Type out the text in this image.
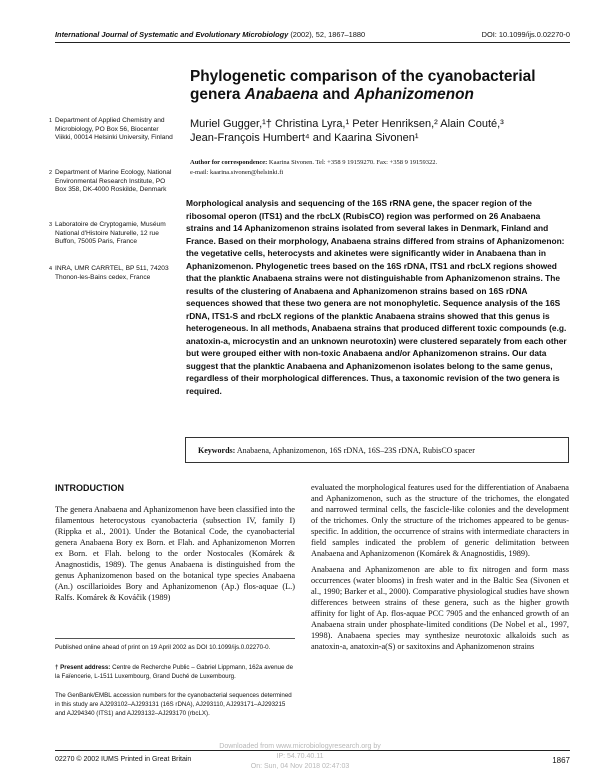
International Journal of Systematic and Evolutionary Microbiology (2002), 52, 1867–1880	DOI: 10.1099/ijs.0.02270-0
Phylogenetic comparison of the cyanobacterial
genera Anabaena and Aphanizomenon
Muriel Gugger,¹† Christina Lyra,¹ Peter Henriksen,² Alain Couté,³
Jean-François Humbert⁴ and Kaarina Sivonen¹
Author for correspondence: Kaarina Sivonen. Tel: +358 9 19159270. Fax: +358 9 19159322.
e-mail: kaarina.sivonen@helsinki.fi
1 Department of Applied Chemistry and Microbiology, PO Box 56, Biocenter Viikki, 00014 Helsinki University, Finland
2 Department of Marine Ecology, National Environmental Research Institute, PO Box 358, DK-4000 Roskilde, Denmark
3 Laboratoire de Cryptogamie, Muséum National d'Histoire Naturelle, 12 rue Buffon, 75005 Paris, France
4 INRA, UMR CARRTEL, BP 511, 74203 Thonon-les-Bains cedex, France
Morphological analysis and sequencing of the 16S rRNA gene, the spacer region of the ribosomal operon (ITS1) and the rbcLX (RubisCO) region was performed on 26 Anabaena strains and 14 Aphanizomenon strains isolated from several lakes in Denmark, Finland and France. Based on their morphology, Anabaena strains differed from strains of Aphanizomenon: the vegetative cells, heterocysts and akinetes were significantly wider in Anabaena than in Aphanizomenon. Phylogenetic trees based on the 16S rDNA, ITS1 and rbcLX regions showed that the planktic Anabaena strains were not distinguishable from Aphanizomenon strains. The results of the clustering of Anabaena and Aphanizomenon strains based on 16S rDNA sequences showed that these two genera are not monophyletic. Sequence analysis of the 16S rDNA, ITS1-S and rbcLX regions of the planktic Anabaena strains showed that this genus is heterogeneous. In all methods, Anabaena strains that produced different toxic compounds (e.g. anatoxin-a, microcystin and an unknown neurotoxin) were clustered separately from each other but were grouped either with non-toxic Anabaena and/or Aphanizomenon strains. Our data suggest that the planktic Anabaena and Aphanizomenon isolates belong to the same genus, regardless of their morphological differences. Thus, a taxonomic revision of the two genera is required.
Keywords: Anabaena, Aphanizomenon, 16S rDNA, 16S–23S rDNA, RubisCO spacer
INTRODUCTION

The genera Anabaena and Aphanizomenon have been classified into the filamentous heterocystous cyanobacteria (subsection IV, family I) (Rippka et al., 2001). Under the Botanical Code, the cyanobacterial genera Anabaena Bory ex Born. et Flah. and Aphanizomenon Morren ex Born. et Flah. belong to the order Nostocales (Komárek & Anagnostidis, 1989). The genus Anabaena is distinguished from the genus Aphanizomenon based on the botanical type species Anabaena (An.) oscillarioides Bory and Aphanizomenon (Ap.) flos-aquae (L.) Ralfs. Komárek & Kováčik (1989)

evaluated the morphological features used for the differentiation of Anabaena and Aphanizomenon, such as the structure of the trichomes, the elongated and narrowed terminal cells, the fascicle-like colonies and the development of the trichomes. Only the structure of the trichomes appeared to be genus-specific. In addition, the occurrence of strains with intermediate characters in field samples indicated the problem of generic delimitation between Anabaena and Aphanizomenon (Komárek & Anagnostidis, 1989).

Anabaena and Aphanizomenon are able to fix nitrogen and form mass occurrences (water blooms) in fresh water and in the Baltic Sea (Sivonen et al., 1990; Barker et al., 2000). Comparative physiological studies have shown differences between strains of these genera, such as the higher growth affinity for light of Ap. flos-aquae PCC 7905 and the enhanced growth of an Anabaena strain under phosphate-limited conditions (De Nobel et al., 1997, 1998). Anabaena species may synthesize neurotoxic alkaloids such as anatoxin-a, anatoxin-a(S) or saxitoxins and Aphanizomenon strains

Published online ahead of print on 19 April 2002 as DOI 10.1099/ijs.0.02270-0.
† Present address: Centre de Recherche Public – Gabriel Lippmann, 162a avenue de la Faïencerie, L-1511 Luxembourg, Grand Duché de Luxembourg.
The GenBank/EMBL accession numbers for the cyanobacterial sequences determined in this study are AJ293102–AJ293131 (16S rDNA), AJ293110, AJ293171–AJ293215 and AJ294340 (ITS1) and AJ293132–AJ293170 (rbcLX).
02270 © 2002 IUMS Printed in Great Britain	1867
Downloaded from www.microbiologyresearch.org by
IP: 54.70.40.11
On: Sun, 04 Nov 2018 02:47:03
